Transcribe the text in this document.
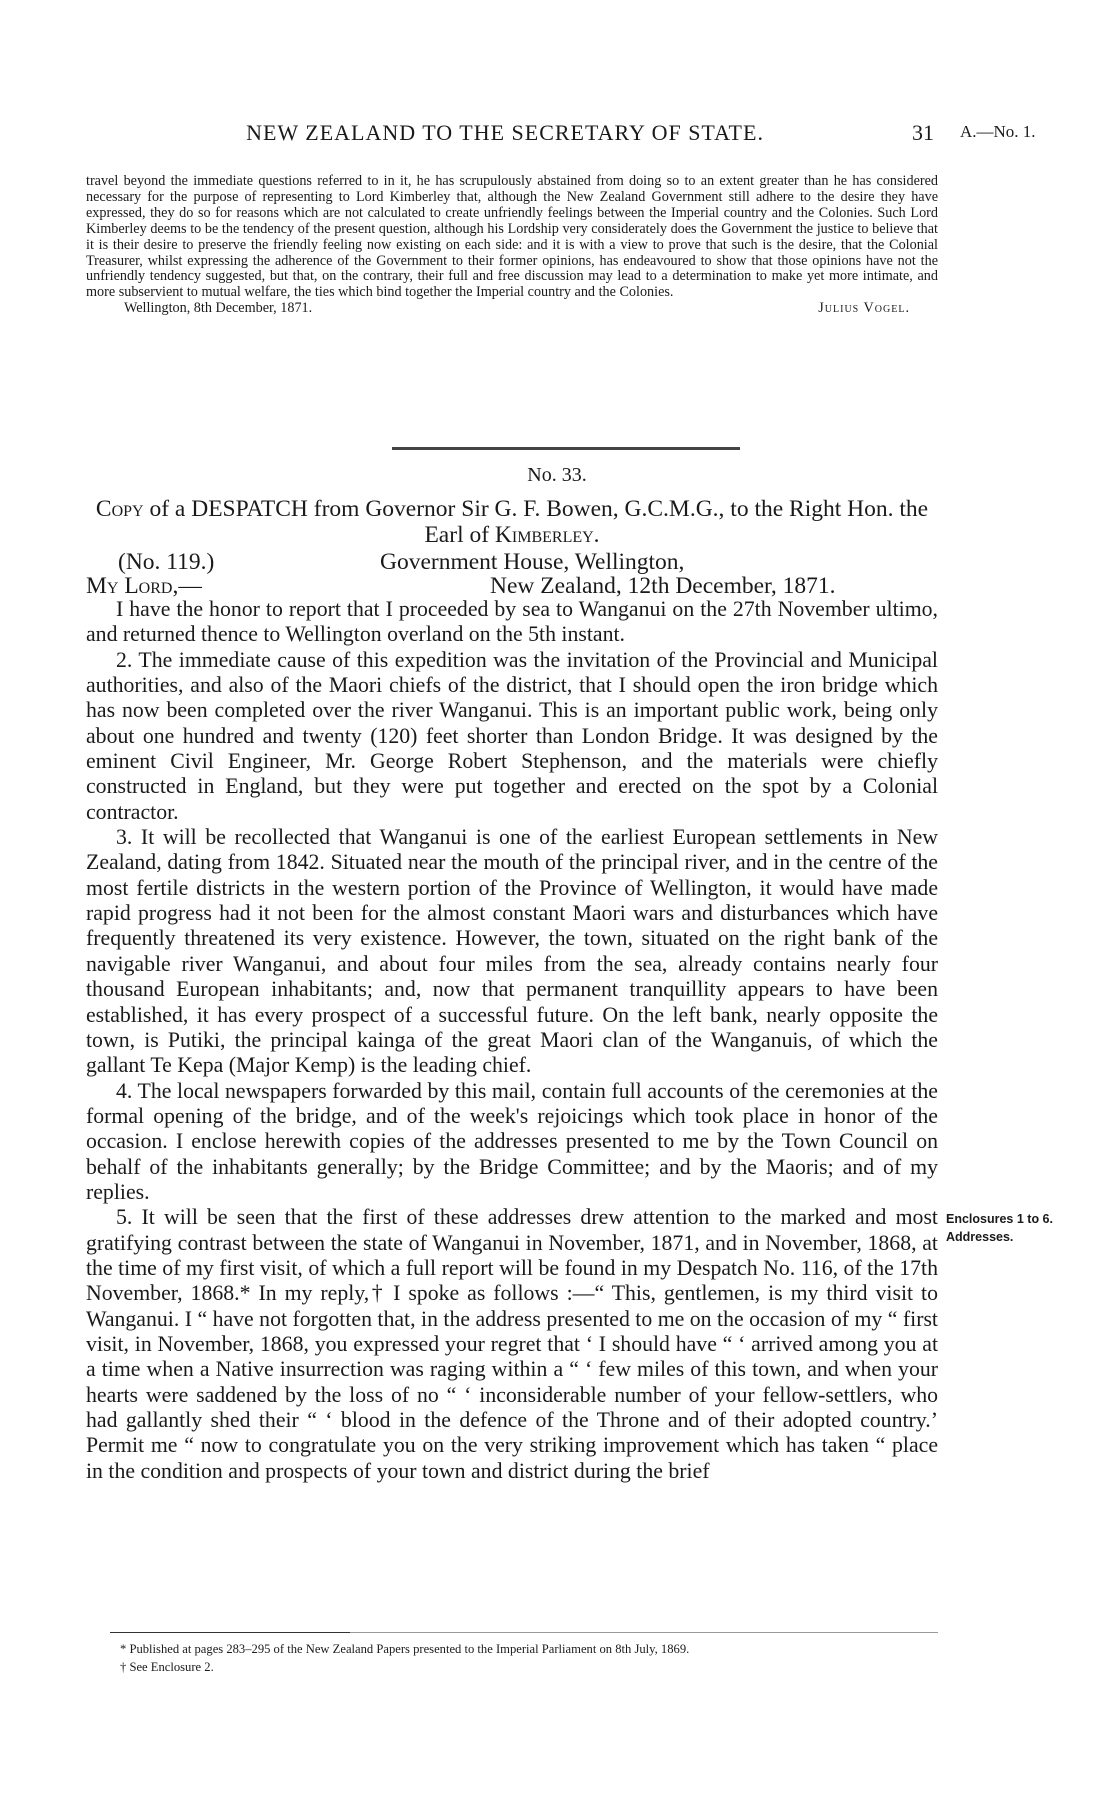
NEW ZEALAND TO THE SECRETARY OF STATE.	31 A.—No. 1.

travel beyond the immediate questions referred to in it, he has scrupulously abstained from doing so to an extent greater than he has considered necessary for the purpose of representing to Lord Kimberley that, although the New Zealand Government still adhere to the desire they have expressed, they do so for reasons which are not calculated to create unfriendly feelings between the Imperial country and the Colonies. Such Lord Kimberley deems to be the tendency of the present question, although his Lordship very considerately does the Government the justice to believe that it is their desire to preserve the friendly feeling now existing on each side: and it is with a view to prove that such is the desire, that the Colonial Treasurer, whilst expressing the adherence of the Government to their former opinions, has endeavoured to show that those opinions have not the unfriendly tendency suggested, but that, on the contrary, their full and free discussion may lead to a determination to make yet more intimate, and more subservient to mutual welfare, the ties which bind together the Imperial country and the Colonies.

Wellington, 8th December, 1871.	Julius Vogel.
No. 33.
Copy of a DESPATCH from Governor Sir G. F. Bowen, G.C.M.G., to the Right Hon. the Earl of Kimberley.
(No. 119.)	Government House, Wellington,
My Lord,—	New Zealand, 12th December, 1871.

I have the honor to report that I proceeded by sea to Wanganui on the 27th November ultimo, and returned thence to Wellington overland on the 5th instant.

2. The immediate cause of this expedition was the invitation of the Provincial and Municipal authorities, and also of the Maori chiefs of the district, that I should open the iron bridge which has now been completed over the river Wanganui. This is an important public work, being only about one hundred and twenty (120) feet shorter than London Bridge. It was designed by the eminent Civil Engineer, Mr. George Robert Stephenson, and the materials were chiefly constructed in England, but they were put together and erected on the spot by a Colonial contractor.

3. It will be recollected that Wanganui is one of the earliest European settlements in New Zealand, dating from 1842. Situated near the mouth of the principal river, and in the centre of the most fertile districts in the western portion of the Province of Wellington, it would have made rapid progress had it not been for the almost constant Maori wars and disturbances which have frequently threatened its very existence. However, the town, situated on the right bank of the navigable river Wanganui, and about four miles from the sea, already contains nearly four thousand European inhabitants; and, now that permanent tranquillity appears to have been established, it has every prospect of a successful future. On the left bank, nearly opposite the town, is Putiki, the principal kainga of the great Maori clan of the Wanganuis, of which the gallant Te Kepa (Major Kemp) is the leading chief.

4. The local newspapers forwarded by this mail, contain full accounts of the ceremonies at the formal opening of the bridge, and of the week's rejoicings which took place in honor of the occasion. I enclose herewith copies of the addresses presented to me by the Town Council on behalf of the inhabitants generally; by the Bridge Committee; and by the Maoris; and of my replies.

5. It will be seen that the first of these addresses drew attention to the marked and most gratifying contrast between the state of Wanganui in November, 1871, and in November, 1868, at the time of my first visit, of which a full report will be found in my Despatch No. 116, of the 17th November, 1868.* In my reply,† I spoke as follows :—“ This, gentlemen, is my third visit to Wanganui. I “ have not forgotten that, in the address presented to me on the occasion of my “ first visit, in November, 1868, you expressed your regret that ‘ I should have “ ‘ arrived among you at a time when a Native insurrection was raging within a “ ‘ few miles of this town, and when your hearts were saddened by the loss of no “ ‘ inconsiderable number of your fellow-settlers, who had gallantly shed their “ ‘ blood in the defence of the Throne and of their adopted country.’ Permit me “ now to congratulate you on the very striking improvement which has taken “ place in the condition and prospects of your town and district during the brief

Enclosures 1 to 6.
Addresses.

* Published at pages 283–295 of the New Zealand Papers presented to the Imperial Parliament on 8th July, 1869.

† See Enclosure 2.
